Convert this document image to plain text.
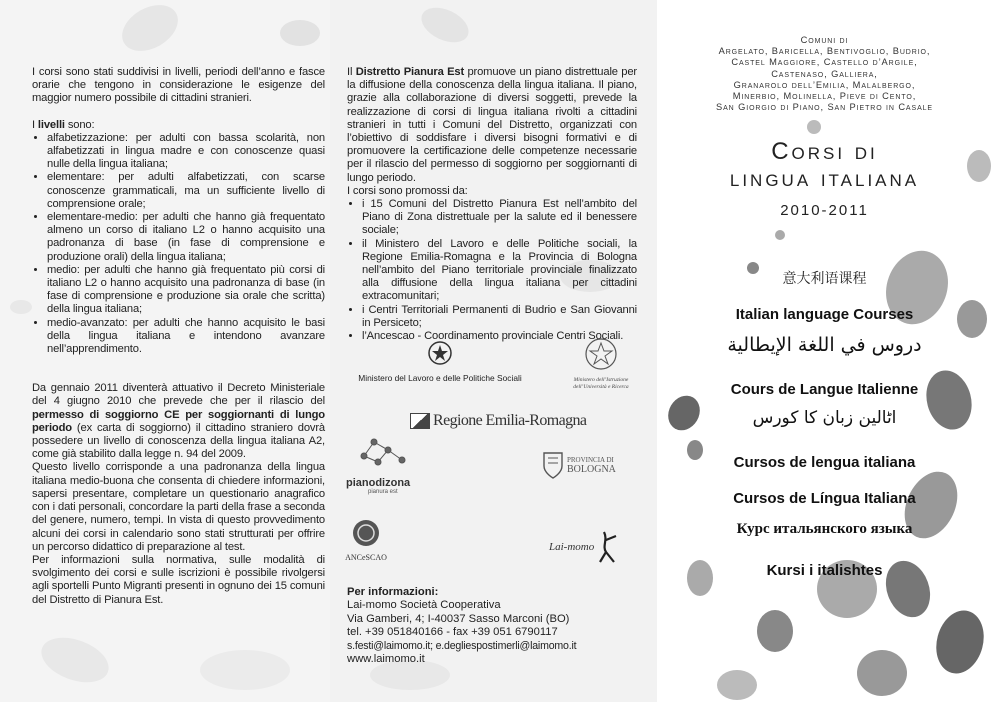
I corsi sono stati suddivisi in livelli, periodi dell’anno e fasce orarie che tengono in considerazione le esigenze del maggior numero possibile di cittadini stranieri.

I livelli sono:

• alfabetizzazione: per adulti con bassa scolarità, non alfabetizzati in lingua madre e con conoscenze quasi nulle della lingua italiana;
• elementare: per adulti alfabetizzati, con scarse conoscenze grammaticali, ma un sufficiente livello di comprensione orale;
• elementare-medio: per adulti che hanno già frequentato almeno un corso di italiano L2 o hanno acquisito una padronanza di base (in fase di comprensione e produzione orali) della lingua italiana;
• medio: per adulti che hanno già frequentato più corsi di italiano L2 o hanno acquisito una padronanza di base (in fase di comprensione e produzione sia orale che scritta) della lingua italiana;
• medio-avanzato: per adulti che hanno acquisito le basi della lingua italiana e intendono avanzare nell’apprendimento.

Da gennaio 2011 diventerà attuativo il Decreto Ministeriale del 4 giugno 2010 che prevede che per il rilascio del permesso di soggiorno CE per soggiornanti di lungo periodo (ex carta di soggiorno) il cittadino straniero dovrà possedere un livello di conoscenza della lingua italiana A2, come già stabilito dalla legge n. 94 del 2009.

Questo livello corrisponde a una padronanza della lingua italiana medio-buona che consenta di chiedere informazioni, sapersi presentare, completare un questionario anagrafico con i dati personali, concordare la parti della frase a seconda del genere, numero, tempi. In vista di questo provvedimento alcuni dei corsi in calendario sono stati strutturati per offrire un percorso didattico di preparazione al test.

Per informazioni sulla normativa, sulle modalità di svolgimento dei corsi e sulle iscrizioni è possibile rivolgersi agli sportelli Punto Migranti presenti in ognuno dei 15 comuni del Distretto di Pianura Est.

Il Distretto Pianura Est promuove un piano distrettuale per la diffusione della conoscenza della lingua italiana. Il piano, grazie alla collaborazione di diversi soggetti, prevede la realizzazione di corsi di lingua italiana rivolti a cittadini stranieri in tutti i Comuni del Distretto, organizzati con l’obiettivo di soddisfare i diversi bisogni formativi e di promuovere la certificazione delle competenze necessarie per il rilascio del permesso di soggiorno per soggiornanti di lungo periodo.

I corsi sono promossi da:

• i 15 Comuni del Distretto Pianura Est nell’ambito del Piano di Zona distrettuale per la salute ed il benessere sociale;
• il Ministero del Lavoro e delle Politiche sociali, la Regione Emilia-Romagna e la Provincia di Bologna nell’ambito del Piano territoriale provinciale finalizzato alla diffusione della lingua italiana per cittadini extracomunitari;
• i Centri Territoriali Permanenti di Budrio e San Giovanni in Persiceto;
• l’Ancescao - Coordinamento provinciale Centri Sociali.
Ministero del Lavoro e delle Politiche Sociali	Ministero dell’Istruzione dell’Università e Ricerca
Regione Emilia-Romagna
pianodizona
pianura est
PROVINCIA DI
BOLOGNA
ANCeSCAO
Lai-momo
Per informazioni:
Lai-momo Società Cooperativa
Via Gamberi, 4; I-40037 Sasso Marconi (BO)
tel. +39 051840166 - fax +39 051 6790117
s.festi@laimomo.it; e.degliespostimerli@laimomo.it
www.laimomo.it
Comuni di
Argelato, Baricella, Bentivoglio, Budrio,
Castel Maggiore, Castello d’Argile,
Castenaso, Galliera,
Granarolo dell’Emilia, Malalbergo,
Minerbio, Molinella, Pieve di Cento,
San Giorgio di Piano, San Pietro in Casale
Corsi di
lingua italiana
2010-2011
意大利语课程
Italian language Courses
دروس في اللغة الإيطالية
Cours de Langue Italienne
اٹالین زبان کا کورس
Cursos de lengua italiana
Cursos de Língua Italiana
Курс итальянского языка
Kursi i italishtes
